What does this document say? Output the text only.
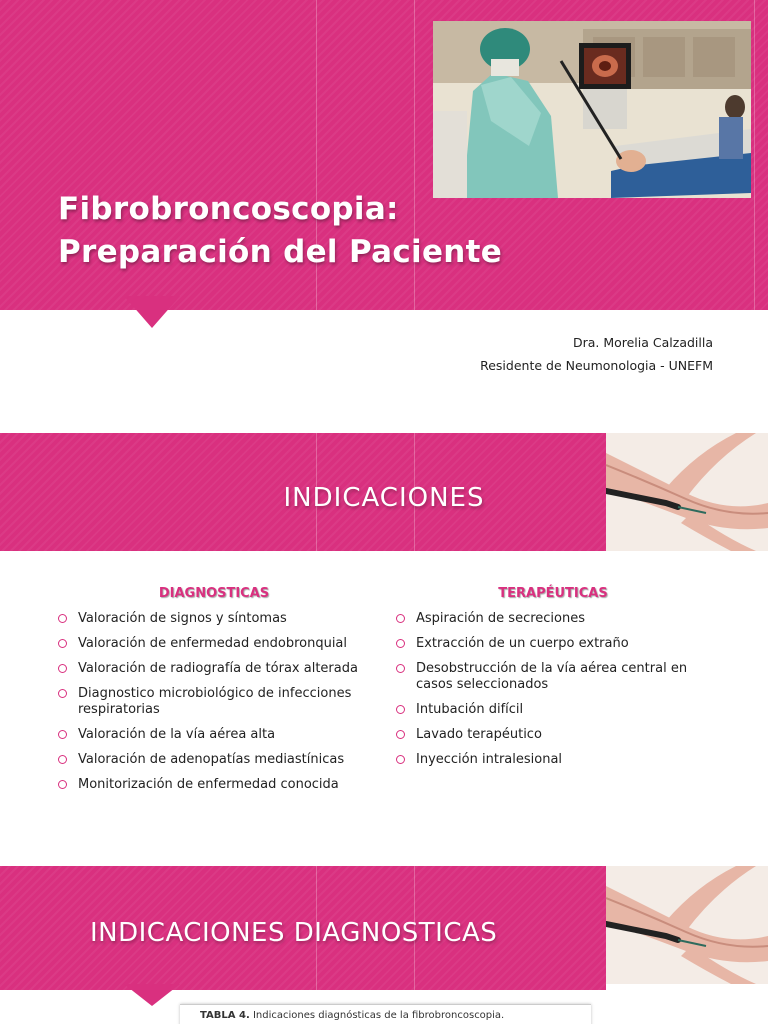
Fibrobroncoscopia:
Preparación del Paciente
Dra. Morelia Calzadilla
Residente de Neumonologia - UNEFM
INDICACIONES
DIAGNOSTICAS	TERAPÉUTICAS
Valoración de signos y síntomas
Valoración de enfermedad endobronquial
Valoración de radiografía de tórax alterada
Diagnostico microbiológico de infecciones respiratorias
Valoración de la vía aérea alta
Valoración de adenopatías mediastínicas
Monitorización de enfermedad conocida
Aspiración de secreciones
Extracción de un cuerpo extraño
Desobstrucción de la vía aérea central en casos seleccionados
Intubación difícil
Lavado terapéutico
Inyección intralesional
INDICACIONES DIAGNOSTICAS
TABLA 4. Indicaciones diagnósticas de la fibrobroncoscopia.
